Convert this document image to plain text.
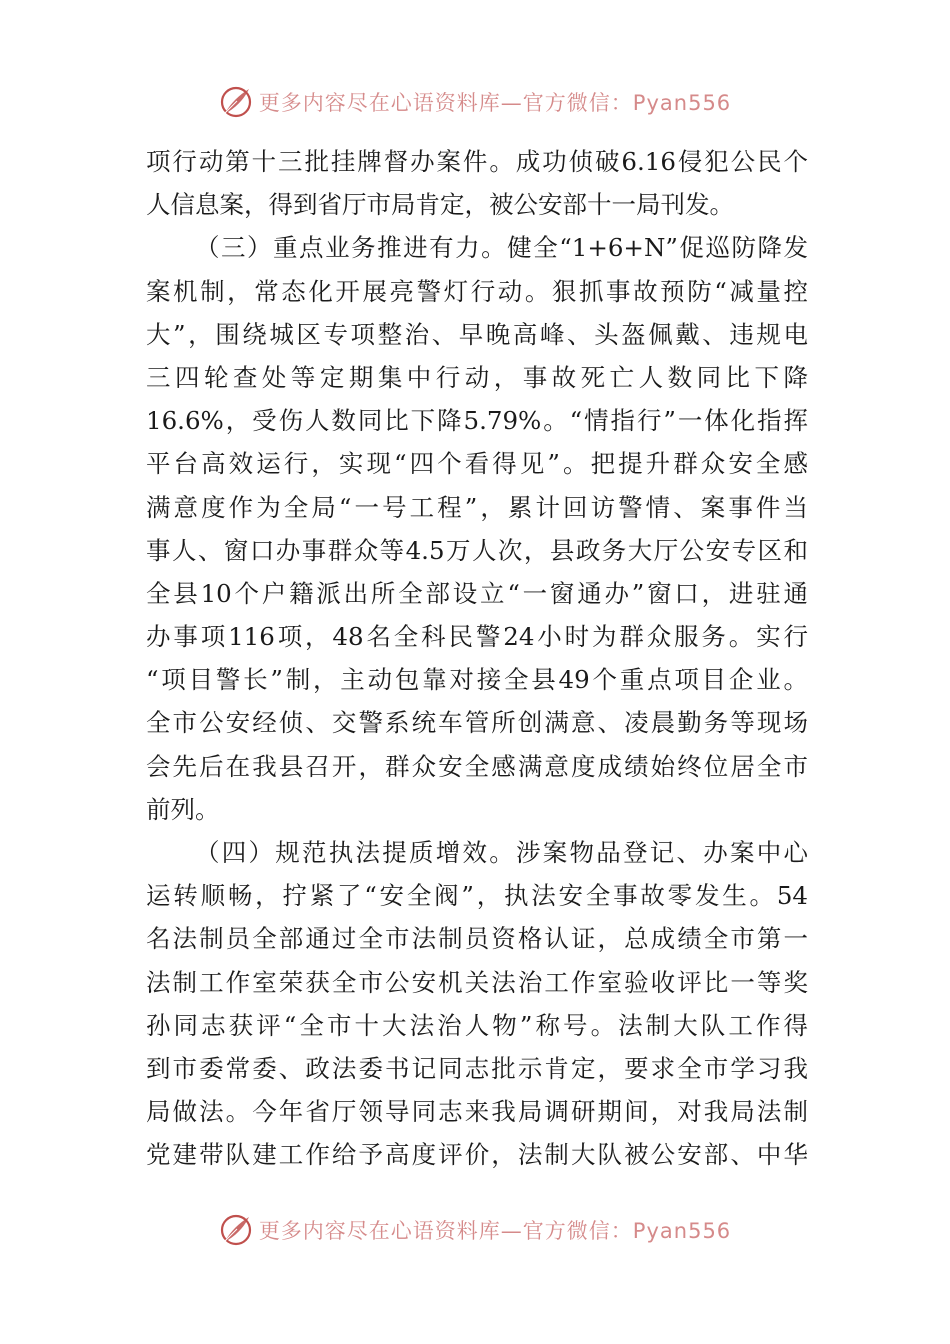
更多内容尽在心语资料库—官方微信：Pyan556
项行动第十三批挂牌督办案件。成功侦破6.16侵犯公民个
人信息案，得到省厅市局肯定，被公安部十一局刊发。
（三）重点业务推进有力。健全“1+6+N”促巡防降发
案机制，常态化开展亮警灯行动。狠抓事故预防“减量控
大”，围绕城区专项整治、早晚高峰、头盔佩戴、违规电
三四轮查处等定期集中行动，事故死亡人数同比下降
16.6%，受伤人数同比下降5.79%。“情指行”一体化指挥
平台高效运行，实现“四个看得见”。把提升群众安全感
满意度作为全局“一号工程”，累计回访警情、案事件当
事人、窗口办事群众等4.5万人次，县政务大厅公安专区和
全县10个户籍派出所全部设立“一窗通办”窗口，进驻通
办事项116项，48名全科民警24小时为群众服务。实行
“项目警长”制，主动包靠对接全县49个重点项目企业。
全市公安经侦、交警系统车管所创满意、凌晨勤务等现场
会先后在我县召开，群众安全感满意度成绩始终位居全市
前列。
（四）规范执法提质增效。涉案物品登记、办案中心
运转顺畅，拧紧了“安全阀”，执法安全事故零发生。54
名法制员全部通过全市法制员资格认证，总成绩全市第一
法制工作室荣获全市公安机关法治工作室验收评比一等奖
孙同志获评“全市十大法治人物”称号。法制大队工作得
到市委常委、政法委书记同志批示肯定，要求全市学习我
局做法。今年省厅领导同志来我局调研期间，对我局法制
党建带队建工作给予高度评价，法制大队被公安部、中华
更多内容尽在心语资料库—官方微信：Pyan556
